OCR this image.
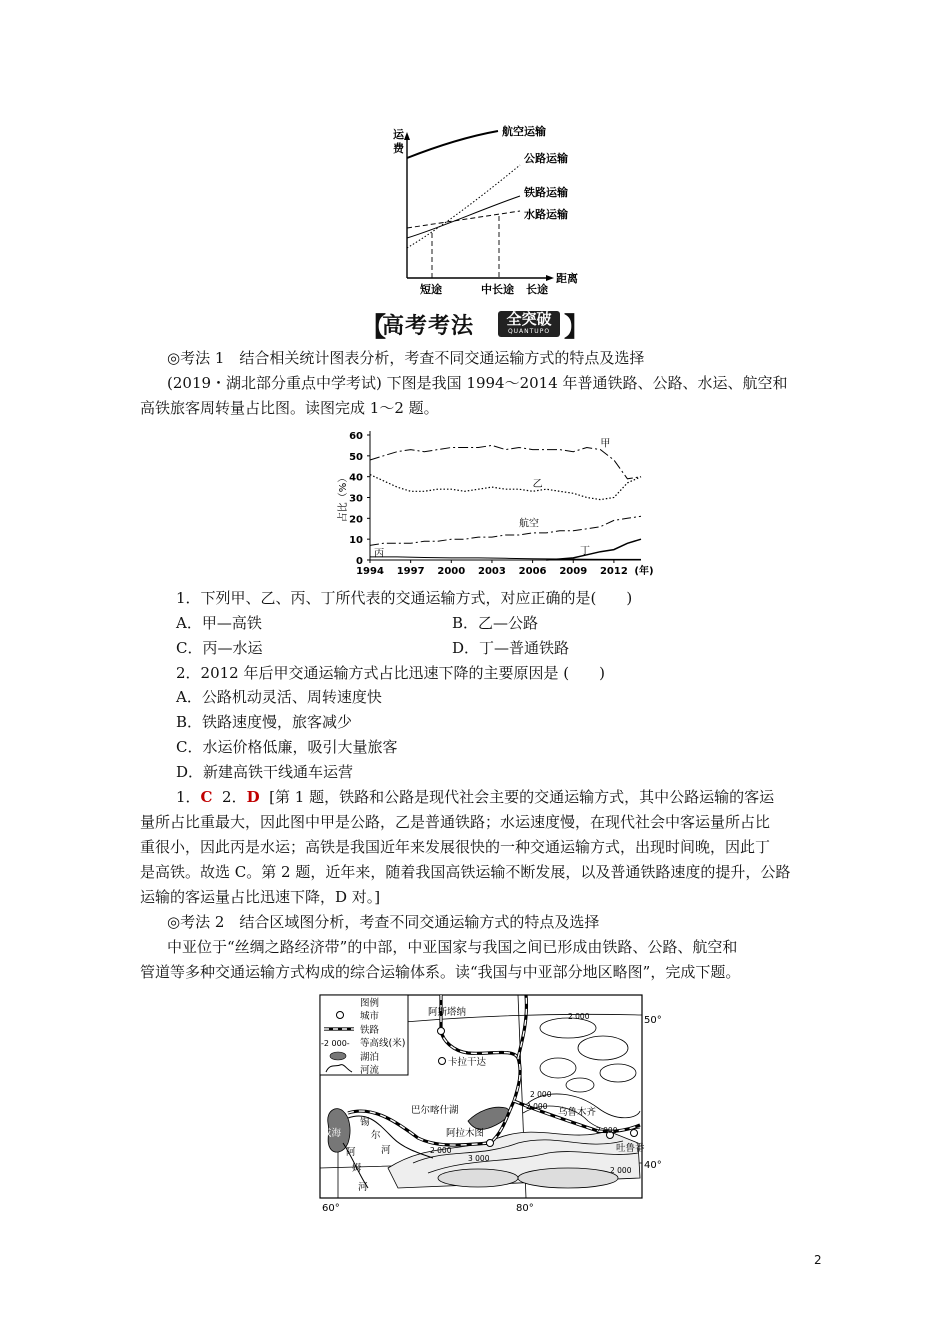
运
费
距离
航空运输
公路运输
铁路运输
水路运输
短途	中长途 长途
【
高考考法	全突破
QUANTUPO 】
◎考法 1　结合相关统计图表分析，考查不同交通运输方式的特点及选择
(2019・湖北部分重点中学考试) 下图是我国 1994～2014 年普通铁路、公路、水运、航空和
高铁旅客周转量占比图。读图完成 1～2 题。
0
10
20
30
40
50
60
1994 1997 2000 2003 2006 2009 2012 (年)
占比（%）
甲
乙
航空
丙	丁
1．下列甲、乙、丙、丁所代表的交通运输方式，对应正确的是(　　)
A．甲—高铁	B．乙—公路
C．丙—水运	D．丁—普通铁路
2．2012 年后甲交通运输方式占比迅速下降的主要原因是 (　　)
A．公路机动灵活、周转速度快
B．铁路速度慢，旅客减少
C．水运价格低廉，吸引大量旅客
D．新建高铁干线通车运营
1．C 2．D [第 1 题，铁路和公路是现代社会主要的交通运输方式，其中公路运输的客运
量所占比重最大，因此图中甲是公路，乙是普通铁路；水运速度慢，在现代社会中客运量所占比
重很小，因此丙是水运；高铁是我国近年来发展很快的一种交通运输方式，出现时间晚，因此丁
是高铁。故选 C。第 2 题，近年来，随着我国高铁运输不断发展，以及普通铁路速度的提升，公路
运输的客运量占比迅速下降，D 对。]
◎考法 2　结合区域图分析，考查不同交通运输方式的特点及选择
中亚位于“丝绸之路经济带”的中部，中亚国家与我国之间已形成由铁路、公路、航空和
管道等多种交通运输方式构成的综合运输体系。读“我国与中亚部分地区略图”，完成下题。
图例
城市
铁路
-2 000- 等高线(米)
湖泊
河流
阿斯塔纳
卡拉干达
巴尔喀什湖
阿拉木图
乌鲁木齐
吐鲁番
咸海
锡
尔
河
阿
姆
河
2 000
2 000
2 000
2 000
2 000
3 000
2 000
50°
40°
60°	80°
2
